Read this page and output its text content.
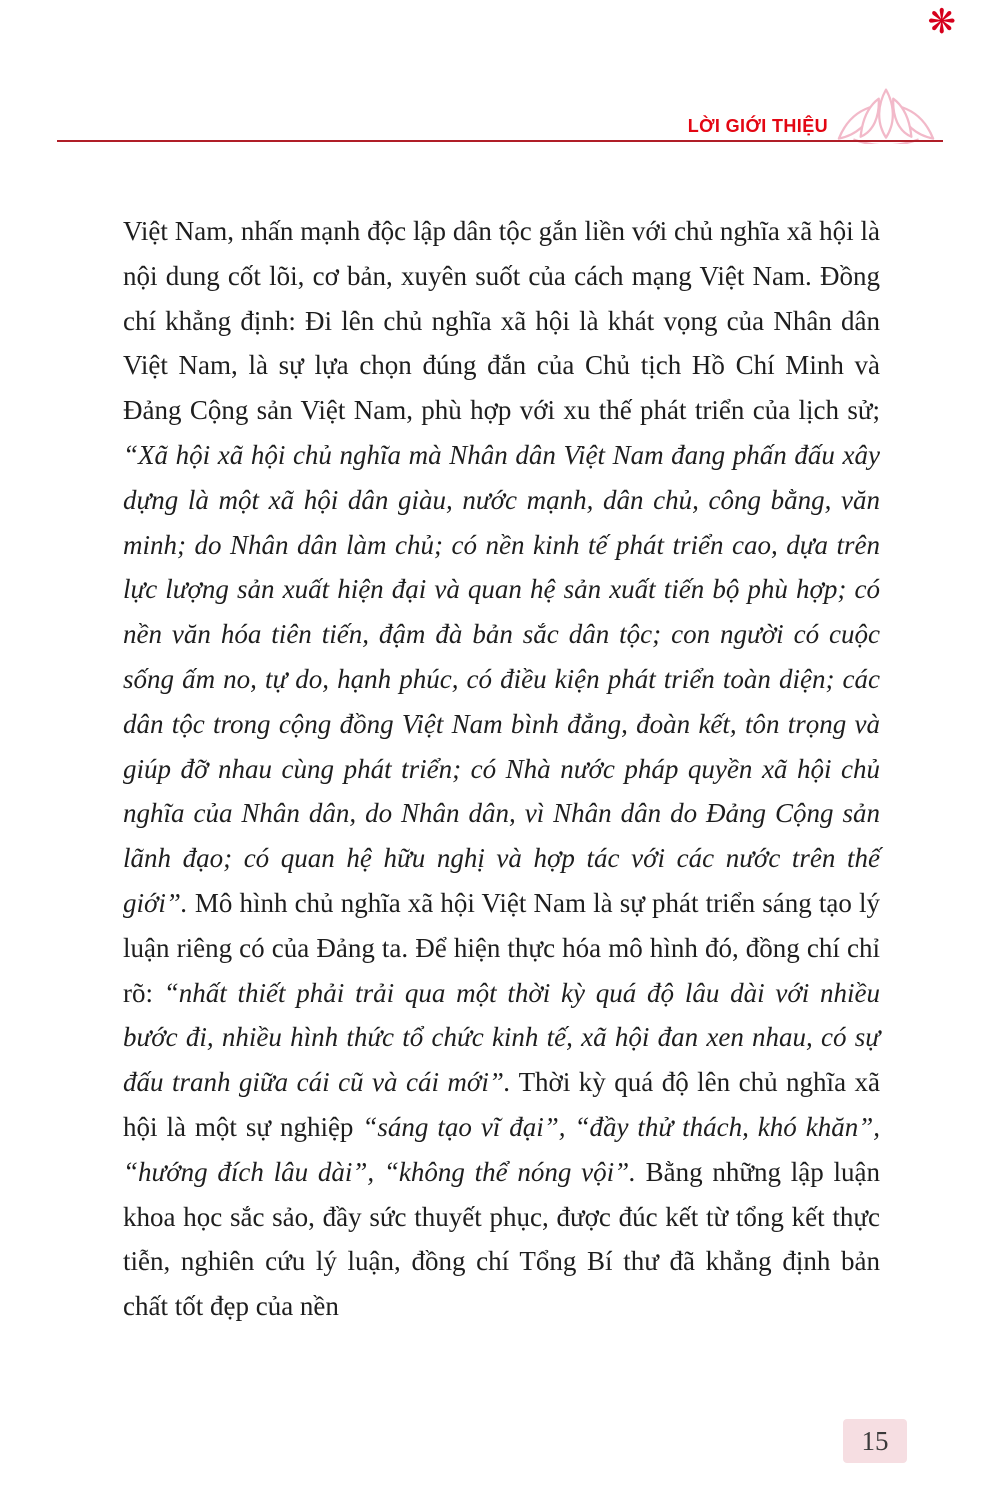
❋
LỜI GIỚI THIỆU

Việt Nam, nhấn mạnh độc lập dân tộc gắn liền với chủ nghĩa xã hội là nội dung cốt lõi, cơ bản, xuyên suốt của cách mạng Việt Nam. Đồng chí khẳng định: Đi lên chủ nghĩa xã hội là khát vọng của Nhân dân Việt Nam, là sự lựa chọn đúng đắn của Chủ tịch Hồ Chí Minh và Đảng Cộng sản Việt Nam, phù hợp với xu thế phát triển của lịch sử; “Xã hội xã hội chủ nghĩa mà Nhân dân Việt Nam đang phấn đấu xây dựng là một xã hội dân giàu, nước mạnh, dân chủ, công bằng, văn minh; do Nhân dân làm chủ; có nền kinh tế phát triển cao, dựa trên lực lượng sản xuất hiện đại và quan hệ sản xuất tiến bộ phù hợp; có nền văn hóa tiên tiến, đậm đà bản sắc dân tộc; con người có cuộc sống ấm no, tự do, hạnh phúc, có điều kiện phát triển toàn diện; các dân tộc trong cộng đồng Việt Nam bình đẳng, đoàn kết, tôn trọng và giúp đỡ nhau cùng phát triển; có Nhà nước pháp quyền xã hội chủ nghĩa của Nhân dân, do Nhân dân, vì Nhân dân do Đảng Cộng sản lãnh đạo; có quan hệ hữu nghị và hợp tác với các nước trên thế giới”. Mô hình chủ nghĩa xã hội Việt Nam là sự phát triển sáng tạo lý luận riêng có của Đảng ta. Để hiện thực hóa mô hình đó, đồng chí chỉ rõ: “nhất thiết phải trải qua một thời kỳ quá độ lâu dài với nhiều bước đi, nhiều hình thức tổ chức kinh tế, xã hội đan xen nhau, có sự đấu tranh giữa cái cũ và cái mới”. Thời kỳ quá độ lên chủ nghĩa xã hội là một sự nghiệp “sáng tạo vĩ đại”, “đầy thử thách, khó khăn”, “hướng đích lâu dài”, “không thể nóng vội”. Bằng những lập luận khoa học sắc sảo, đầy sức thuyết phục, được đúc kết từ tổng kết thực tiễn, nghiên cứu lý luận, đồng chí Tổng Bí thư đã khẳng định bản chất tốt đẹp của nền

15
